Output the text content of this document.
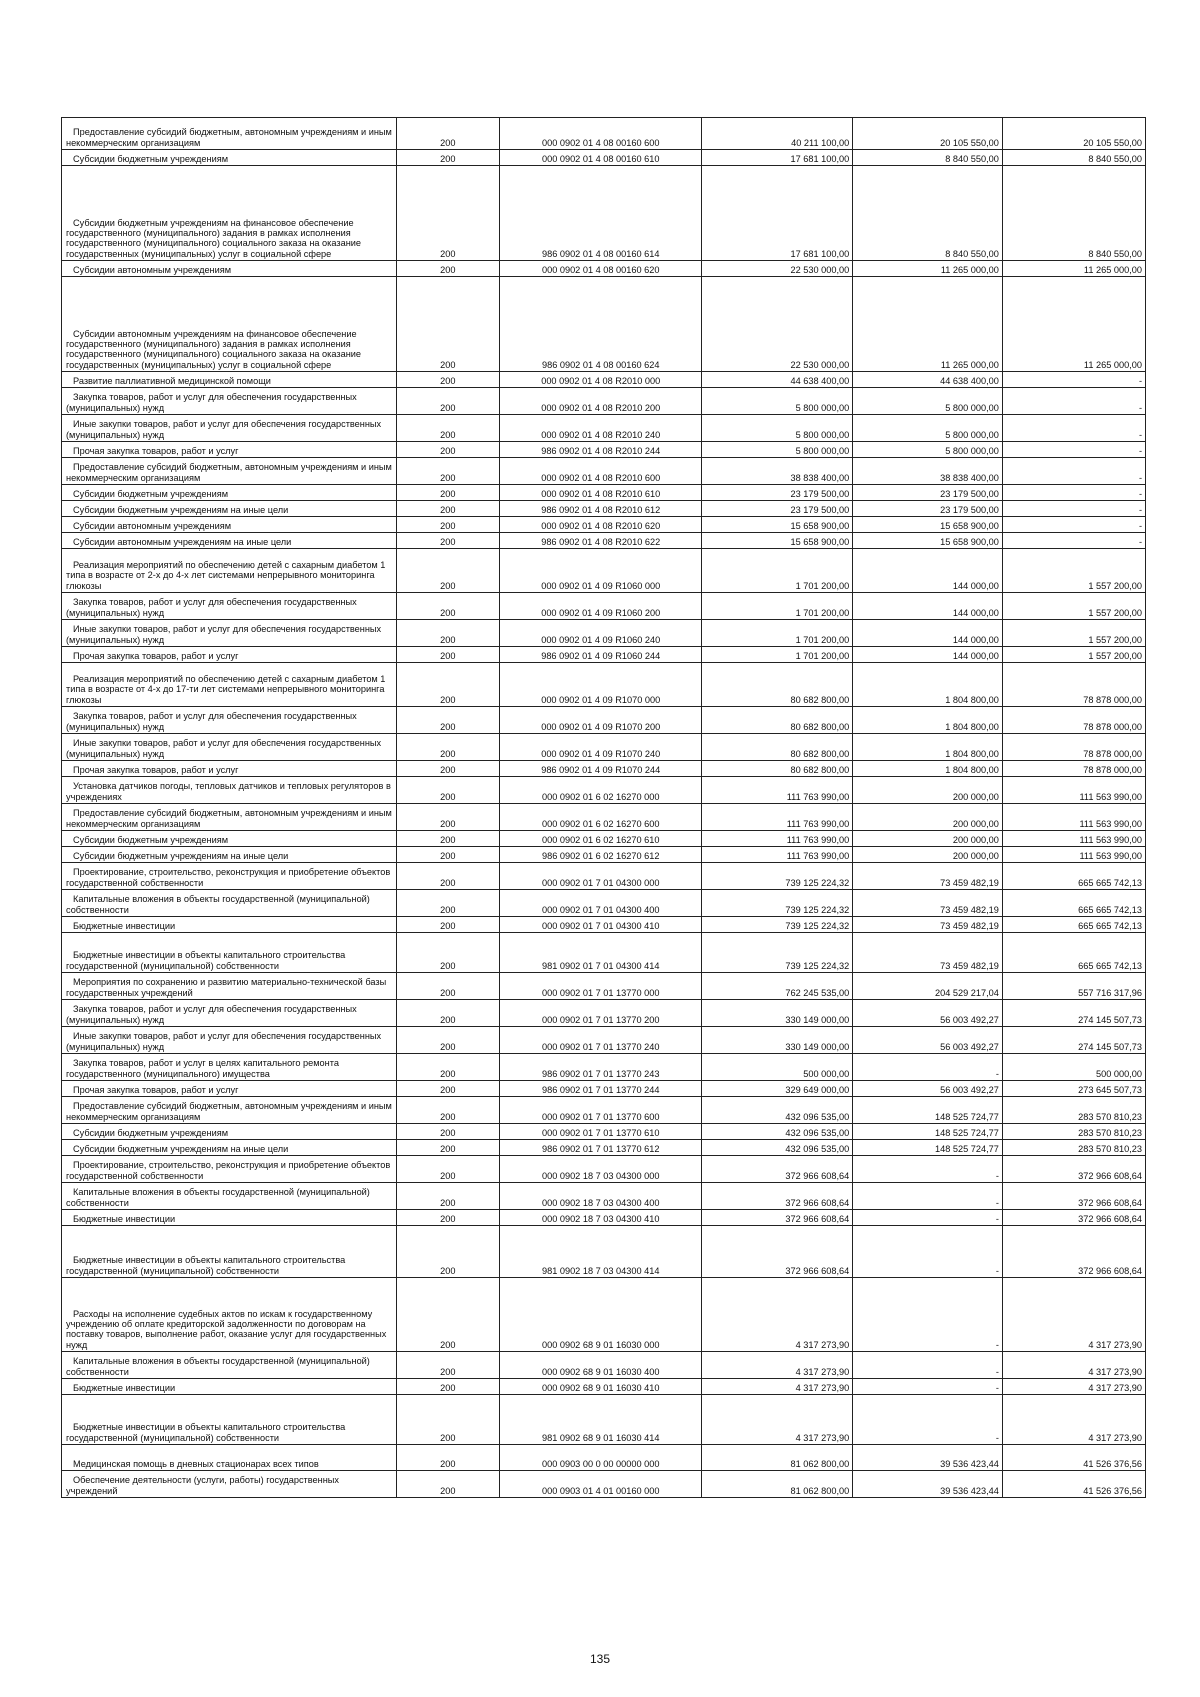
Предоставление субсидий бюджетным, автономным учреждениям и иным некоммерческим организациям	200	000 0902 01 4 08 00160 600	40 211 100,00	20 105 550,00	20 105 550,00

Субсидии бюджетным учреждениям	200	000 0902 01 4 08 00160 610	17 681 100,00	8 840 550,00	8 840 550,00

Субсидии бюджетным учреждениям на финансовое обеспечение государственного (муниципального) задания в рамках исполнения государственного (муниципального) социального заказа на оказание государственных (муниципальных) услуг в социальной сфере	200	986 0902 01 4 08 00160 614	17 681 100,00	8 840 550,00	8 840 550,00

Субсидии автономным учреждениям	200	000 0902 01 4 08 00160 620	22 530 000,00	11 265 000,00	11 265 000,00

Субсидии автономным учреждениям на финансовое обеспечение государственного (муниципального) задания в рамках исполнения государственного (муниципального) социального заказа на оказание государственных (муниципальных) услуг в социальной сфере	200	986 0902 01 4 08 00160 624	22 530 000,00	11 265 000,00	11 265 000,00

Развитие паллиативной медицинской помощи	200	000 0902 01 4 08 R2010 000	44 638 400,00	44 638 400,00	-

Закупка товаров, работ и услуг для обеспечения государственных (муниципальных) нужд	200	000 0902 01 4 08 R2010 200	5 800 000,00	5 800 000,00	-

Иные закупки товаров, работ и услуг для обеспечения государственных (муниципальных) нужд	200	000 0902 01 4 08 R2010 240	5 800 000,00	5 800 000,00	-

Прочая закупка товаров, работ и услуг	200	986 0902 01 4 08 R2010 244	5 800 000,00	5 800 000,00	-

Предоставление субсидий бюджетным, автономным учреждениям и иным некоммерческим организациям	200	000 0902 01 4 08 R2010 600	38 838 400,00	38 838 400,00	-

Субсидии бюджетным учреждениям	200	000 0902 01 4 08 R2010 610	23 179 500,00	23 179 500,00	-

Субсидии бюджетным учреждениям на иные цели	200	986 0902 01 4 08 R2010 612	23 179 500,00	23 179 500,00	-

Субсидии автономным учреждениям	200	000 0902 01 4 08 R2010 620	15 658 900,00	15 658 900,00	-

Субсидии автономным учреждениям на иные цели	200	986 0902 01 4 08 R2010 622	15 658 900,00	15 658 900,00	-

Реализация мероприятий по обеспечению детей с сахарным диабетом 1 типа в возрасте от 2-х до 4-х лет системами непрерывного мониторинга глюкозы	200	000 0902 01 4 09 R1060 000	1 701 200,00	144 000,00	1 557 200,00

Закупка товаров, работ и услуг для обеспечения государственных (муниципальных) нужд	200	000 0902 01 4 09 R1060 200	1 701 200,00	144 000,00	1 557 200,00

Иные закупки товаров, работ и услуг для обеспечения государственных (муниципальных) нужд	200	000 0902 01 4 09 R1060 240	1 701 200,00	144 000,00	1 557 200,00

Прочая закупка товаров, работ и услуг	200	986 0902 01 4 09 R1060 244	1 701 200,00	144 000,00	1 557 200,00

Реализация мероприятий по обеспечению детей с сахарным диабетом 1 типа в возрасте от 4-х до 17-ти лет системами непрерывного мониторинга глюкозы	200	000 0902 01 4 09 R1070 000	80 682 800,00	1 804 800,00	78 878 000,00

Закупка товаров, работ и услуг для обеспечения государственных (муниципальных) нужд	200	000 0902 01 4 09 R1070 200	80 682 800,00	1 804 800,00	78 878 000,00

Иные закупки товаров, работ и услуг для обеспечения государственных (муниципальных) нужд	200	000 0902 01 4 09 R1070 240	80 682 800,00	1 804 800,00	78 878 000,00

Прочая закупка товаров, работ и услуг	200	986 0902 01 4 09 R1070 244	80 682 800,00	1 804 800,00	78 878 000,00

Установка датчиков погоды, тепловых датчиков и тепловых регуляторов в учреждениях	200	000 0902 01 6 02 16270 000	111 763 990,00	200 000,00	111 563 990,00

Предоставление субсидий бюджетным, автономным учреждениям и иным некоммерческим организациям	200	000 0902 01 6 02 16270 600	111 763 990,00	200 000,00	111 563 990,00

Субсидии бюджетным учреждениям	200	000 0902 01 6 02 16270 610	111 763 990,00	200 000,00	111 563 990,00

Субсидии бюджетным учреждениям на иные цели	200	986 0902 01 6 02 16270 612	111 763 990,00	200 000,00	111 563 990,00

Проектирование, строительство, реконструкция и приобретение объектов государственной собственности	200	000 0902 01 7 01 04300 000	739 125 224,32	73 459 482,19	665 665 742,13

Капитальные вложения в объекты государственной (муниципальной) собственности	200	000 0902 01 7 01 04300 400	739 125 224,32	73 459 482,19	665 665 742,13

Бюджетные инвестиции	200	000 0902 01 7 01 04300 410	739 125 224,32	73 459 482,19	665 665 742,13

Бюджетные инвестиции в объекты капитального строительства государственной (муниципальной) собственности	200	981 0902 01 7 01 04300 414	739 125 224,32	73 459 482,19	665 665 742,13

Мероприятия по сохранению и развитию материально-технической базы государственных учреждений	200	000 0902 01 7 01 13770 000	762 245 535,00	204 529 217,04	557 716 317,96

Закупка товаров, работ и услуг для обеспечения государственных (муниципальных) нужд	200	000 0902 01 7 01 13770 200	330 149 000,00	56 003 492,27	274 145 507,73

Иные закупки товаров, работ и услуг для обеспечения государственных (муниципальных) нужд	200	000 0902 01 7 01 13770 240	330 149 000,00	56 003 492,27	274 145 507,73

Закупка товаров, работ и услуг в целях капитального ремонта государственного (муниципального) имущества	200	986 0902 01 7 01 13770 243	500 000,00	-	500 000,00

Прочая закупка товаров, работ и услуг	200	986 0902 01 7 01 13770 244	329 649 000,00	56 003 492,27	273 645 507,73

Предоставление субсидий бюджетным, автономным учреждениям и иным некоммерческим организациям	200	000 0902 01 7 01 13770 600	432 096 535,00	148 525 724,77	283 570 810,23

Субсидии бюджетным учреждениям	200	000 0902 01 7 01 13770 610	432 096 535,00	148 525 724,77	283 570 810,23

Субсидии бюджетным учреждениям на иные цели	200	986 0902 01 7 01 13770 612	432 096 535,00	148 525 724,77	283 570 810,23

Проектирование, строительство, реконструкция и приобретение объектов государственной собственности	200	000 0902 18 7 03 04300 000	372 966 608,64	-	372 966 608,64

Капитальные вложения в объекты государственной (муниципальной) собственности	200	000 0902 18 7 03 04300 400	372 966 608,64	-	372 966 608,64

Бюджетные инвестиции	200	000 0902 18 7 03 04300 410	372 966 608,64	-	372 966 608,64

Бюджетные инвестиции в объекты капитального строительства государственной (муниципальной) собственности	200	981 0902 18 7 03 04300 414	372 966 608,64	-	372 966 608,64

Расходы на исполнение судебных актов по искам к государственному учреждению об оплате кредиторской задолженности по договорам на поставку товаров, выполнение работ, оказание услуг для государственных нужд	200	000 0902 68 9 01 16030 000	4 317 273,90	-	4 317 273,90

Капитальные вложения в объекты государственной (муниципальной) собственности	200	000 0902 68 9 01 16030 400	4 317 273,90	-	4 317 273,90

Бюджетные инвестиции	200	000 0902 68 9 01 16030 410	4 317 273,90	-	4 317 273,90

Бюджетные инвестиции в объекты капитального строительства государственной (муниципальной) собственности	200	981 0902 68 9 01 16030 414	4 317 273,90	-	4 317 273,90

Медицинская помощь в дневных стационарах всех типов	200	000 0903 00 0 00 00000 000	81 062 800,00	39 536 423,44	41 526 376,56

Обеспечение деятельности (услуги, работы) государственных учреждений	200	000 0903 01 4 01 00160 000	81 062 800,00	39 536 423,44	41 526 376,56
135
